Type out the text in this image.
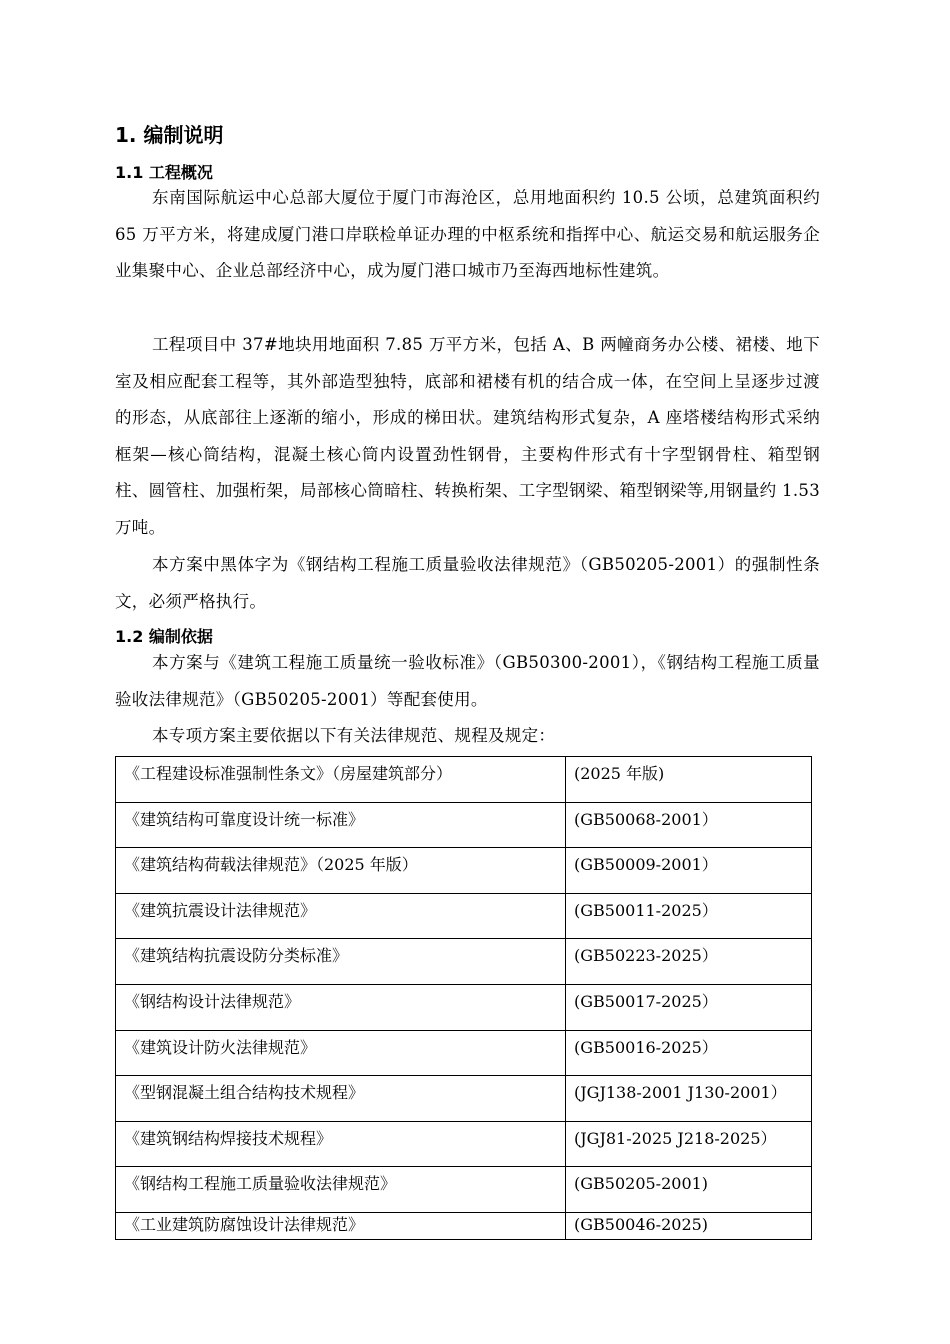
1. 编制说明
1.1 工程概况

东南国际航运中心总部大厦位于厦门市海沧区，总用地面积约 10.5 公顷，总建筑面积约 65 万平方米，将建成厦门港口岸联检单证办理的中枢系统和指挥中心、航运交易和航运服务企业集聚中心、企业总部经济中心，成为厦门港口城市乃至海西地标性建筑。

工程项目中 37#地块用地面积 7.85 万平方米，包括 A、B 两幢商务办公楼、裙楼、地下室及相应配套工程等，其外部造型独特，底部和裙楼有机的结合成一体，在空间上呈逐步过渡的形态，从底部往上逐渐的缩小，形成的梯田状。建筑结构形式复杂，A 座塔楼结构形式采纳框架—核心筒结构，混凝土核心筒内设置劲性钢骨，主要构件形式有十字型钢骨柱、箱型钢柱、圆管柱、加强桁架，局部核心筒暗柱、转换桁架、工字型钢梁、箱型钢梁等,用钢量约 1.53 万吨。

本方案中黑体字为《钢结构工程施工质量验收法律规范》（GB50205-2001）的强制性条文，必须严格执行。

1.2 编制依据

本方案与《建筑工程施工质量统一验收标准》（GB50300-2001），《钢结构工程施工质量验收法律规范》（GB50205-2001）等配套使用。

本专项方案主要依据以下有关法律规范、规程及规定：

《工程建设标准强制性条文》（房屋建筑部分）	(2025 年版)
《建筑结构可靠度设计统一标准》	(GB50068-2001）
《建筑结构荷载法律规范》（2025 年版）	(GB50009-2001）
《建筑抗震设计法律规范》	(GB50011-2025）
《建筑结构抗震设防分类标准》	(GB50223-2025）
《钢结构设计法律规范》	(GB50017-2025）
《建筑设计防火法律规范》	(GB50016-2025）
《型钢混凝土组合结构技术规程》	(JGJ138-2001 J130-2001）
《建筑钢结构焊接技术规程》	(JGJ81-2025 J218-2025）
《钢结构工程施工质量验收法律规范》	(GB50205-2001)
《工业建筑防腐蚀设计法律规范》	(GB50046-2025)
